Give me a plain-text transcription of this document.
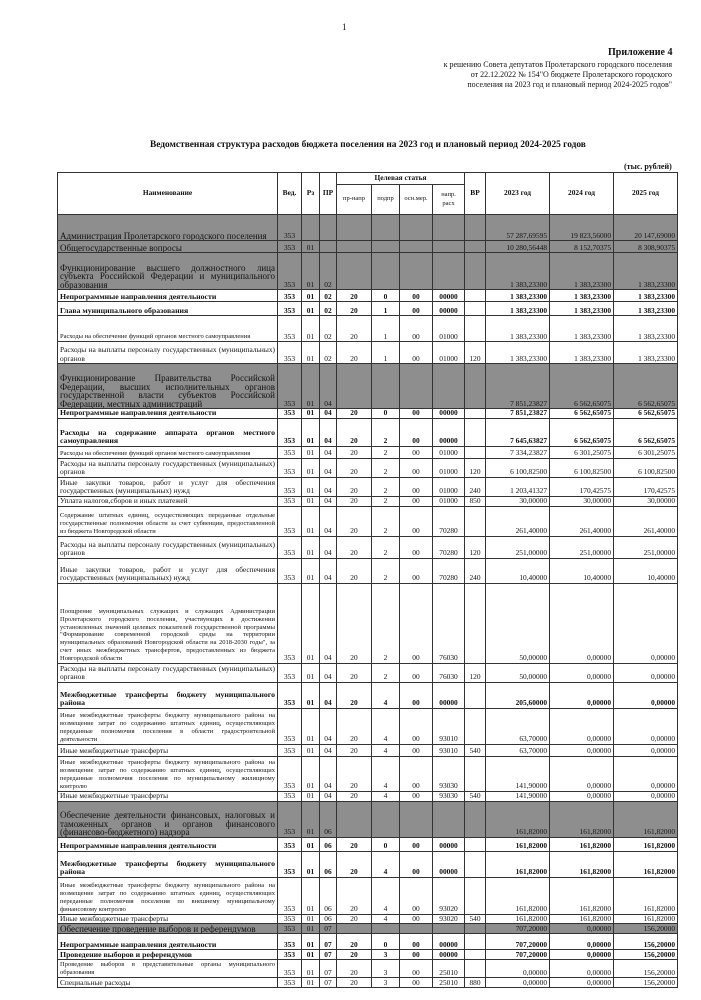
1
Приложение 4
к решению Совета депутатов Пролетарского городского поселения от 22.12.2022 № 154"О бюджете Пролетарского городского поселения на 2023 год и плановый период 2024-2025 годов"
Ведомственная структура расходов бюджета поселения на 2023 год и плановый период 2024-2025 годов
(тыс. рублей)
Наименование	Вед.	Рз	ПР	Целевая статья				ВР	2023 год	2024 год	2025 год
				пр-напр	подпр	осн.мер.	напр. расх				
Администрация Пролетарского городского поселения	353								57 287,69595	19 823,56000	20 147,69000
Общегосударственные вопросы	353	01							10 280,56448	8 152,70375	8 308,90375
Функционирование высшего должностного лица субъекта Российской Федерации и муниципального образования	353	01	02						1 383,23300	1 383,23300	1 383,23300
Непрограммные направления деятельности	353	01	02	20	0	00	00000		1 383,23300	1 383,23300	1 383,23300
Глава муниципального образования	353	01	02	20	1	00	00000		1 383,23300	1 383,23300	1 383,23300
Расходы на обеспечение функций органов местного самоуправления	353	01	02	20	1	00	01000		1 383,23300	1 383,23300	1 383,23300
Расходы на выплаты персоналу государственных (муниципальных) органов	353	01	02	20	1	00	01000	120	1 383,23300	1 383,23300	1 383,23300
Функционирование Правительства Российской Федерации, высших исполнительных органов государственной власти субъектов Российской Федерации, местных администраций	353	01	04						7 851,23827	6 562,65075	6 562,65075
Непрограммные направления деятельности	353	01	04	20	0	00	00000		7 851,23827	6 562,65075	6 562,65075
Расходы на содержание аппарата органов местного самоуправления	353	01	04	20	2	00	00000		7 645,63827	6 562,65075	6 562,65075
Расходы на обеспечение функций органов местного самоуправления	353	01	04	20	2	00	01000		7 334,23827	6 301,25075	6 301,25075
Расходы на выплаты персоналу государственных (муниципальных) органов	353	01	04	20	2	00	01000	120	6 100,82500	6 100,82500	6 100,82500
Иные закупки товаров, работ и услуг для обеспечения государственных (муниципальных) нужд	353	01	04	20	2	00	01000	240	1 203,41327	170,42575	170,42575
Уплата налогов,сборов и иных платежей	353	01	04	20	2	00	01000	850	30,00000	30,00000	30,00000
Содержание штатных единиц, осуществляющих переданные отдельные государственные полномочия области за счет субвенции, предоставленной из бюджета Новгородской области	353	01	04	20	2	00	70280		261,40000	261,40000	261,40000
Расходы на выплаты персоналу государственных (муниципальных) органов	353	01	04	20	2	00	70280	120	251,00000	251,00000	251,00000
Иные закупки товаров, работ и услуг для обеспечения государственных (муниципальных) нужд	353	01	04	20	2	00	70280	240	10,40000	10,40000	10,40000
Поощрение муниципальных служащих и служащих Администрации Пролетарского городского поселения, участвующих в достижении установленных значений целевых показателей государственной программы "Формирование современной городской среды на территории муниципальных образований Новгородской области на 2018-2030 годы", за счет иных межбюджетных трансфертов, предоставленных из бюджета Новгородской области	353	01	04	20	2	00	76030		50,00000	0,00000	0,00000
Расходы на выплаты персоналу государственных (муниципальных) органов	353	01	04	20	2	00	76030	120	50,00000	0,00000	0,00000
Межбюджетные трансферты бюджету муниципального района	353	01	04	20	4	00	00000		205,60000	0,00000	0,00000
Иные межбюджетные трансферты бюджету муниципального района на возмещение затрат по содержанию штатных единиц, осуществляющих переданные полномочия поселения в области градостроительной деятельности	353	01	04	20	4	00	93010		63,70000	0,00000	0,00000
Иные межбюджетные трансферты	353	01	04	20	4	00	93010	540	63,70000	0,00000	0,00000
Иные межбюджетные трансферты бюджету муниципального района на возмещение затрат по содержанию штатных единиц, осуществляющих переданные полномочия поселения по муниципальному жилищному контролю	353	01	04	20	4	00	93030		141,90000	0,00000	0,00000
Иные межбюджетные трансферты	353	01	04	20	4	00	93030	540	141,90000	0,00000	0,00000
Обеспечение деятельности финансовых, налоговых и таможенных органов и органов финансового (финансово-бюджетного) надзора	353	01	06						161,82000	161,82000	161,82000
Непрограммные направления деятельности	353	01	06	20	0	00	00000		161,82000	161,82000	161,82000
Межбюджетные трансферты бюджету муниципального района	353	01	06	20	4	00	00000		161,82000	161,82000	161,82000
Иные межбюджетные трансферты бюджету муниципального района на возмещение затрат по содержанию штатных единиц, осуществляющих переданные полномочия поселения по внешнему муниципальному финансовому контролю	353	01	06	20	4	00	93020		161,82000	161,82000	161,82000
Иные межбюджетные трансферты	353	01	06	20	4	00	93020	540	161,82000	161,82000	161,82000
Обеспечение проведение выборов и референдумов	353	01	07						707,20000	0,00000	156,20000
Непрограммные направления деятельности	353	01	07	20	0	00	00000		707,20000	0,00000	156,20000
Проведение выборов и референдумов	353	01	07	20	3	00	00000		707,20000	0,00000	156,20000
Проведение выборов в представительные органы муниципального образования	353	01	07	20	3	00	25010		0,00000	0,00000	156,20000
Специальные расходы	353	01	07	20	3	00	25010	880	0,00000	0,00000	156,20000
